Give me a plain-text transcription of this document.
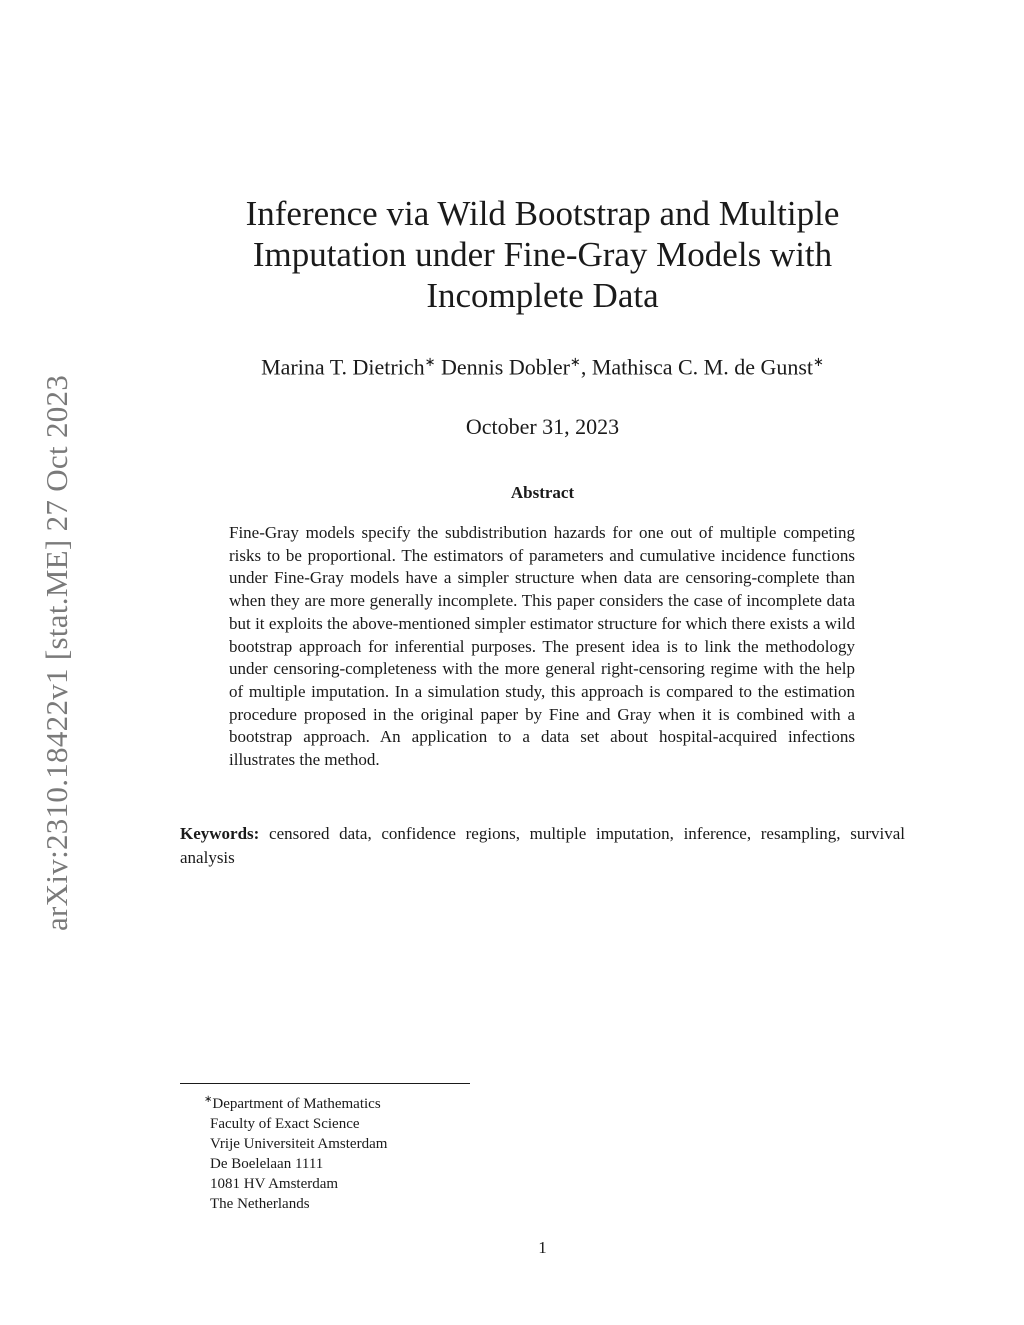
arXiv:2310.18422v1 [stat.ME] 27 Oct 2023
Inference via Wild Bootstrap and Multiple
Imputation under Fine-Gray Models with
Incomplete Data
Marina T. Dietrich∗ Dennis Dobler∗, Mathisca C. M. de Gunst∗
October 31, 2023
Abstract
Fine-Gray models specify the subdistribution hazards for one out of multiple competing risks to be proportional. The estimators of parameters and cumulative incidence functions under Fine-Gray models have a simpler structure when data are censoring-complete than when they are more generally incomplete. This paper considers the case of incomplete data but it exploits the above-mentioned simpler estimator structure for which there exists a wild bootstrap approach for inferential purposes. The present idea is to link the methodology under censoring-completeness with the more general right-censoring regime with the help of multiple imputation. In a simulation study, this approach is compared to the estimation procedure proposed in the original paper by Fine and Gray when it is combined with a bootstrap approach. An application to a data set about hospital-acquired infections illustrates the method.
Keywords: censored data, confidence regions, multiple imputation, inference, resampling, survival analysis
∗Department of Mathematics
Faculty of Exact Science
Vrije Universiteit Amsterdam
De Boelelaan 1111
1081 HV Amsterdam
The Netherlands
1
